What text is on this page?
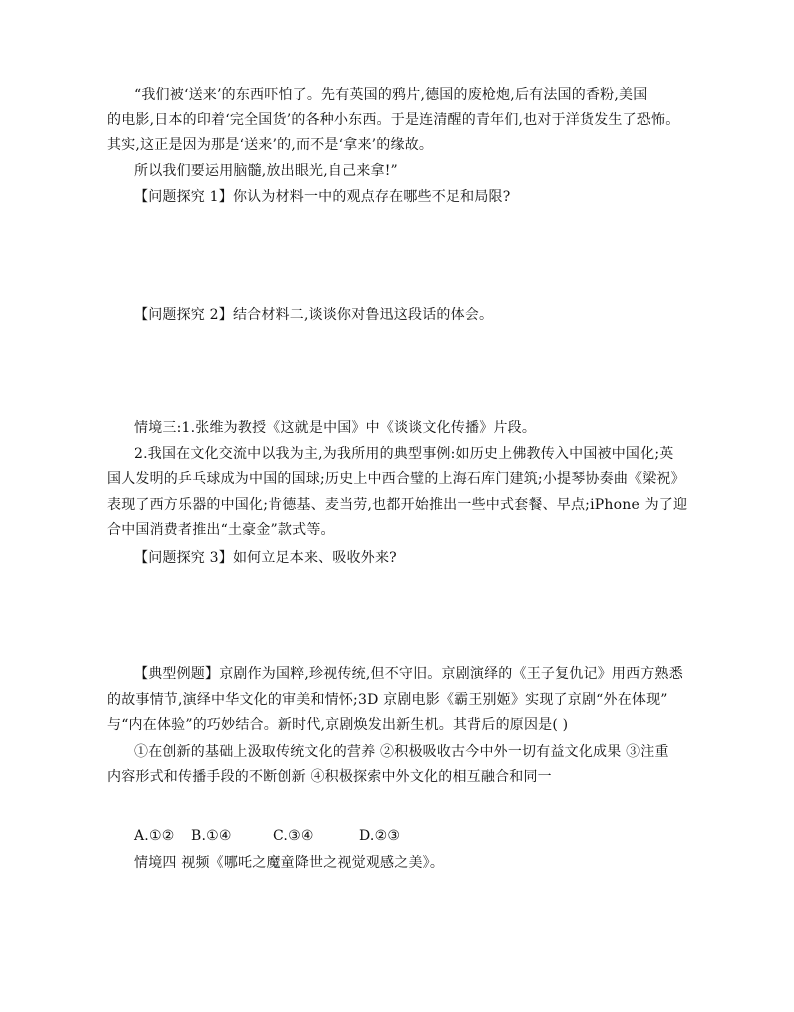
“我们被‘送来’的东西吓怕了。先有英国的鸦片,德国的废枪炮,后有法国的香粉,美国
的电影,日本的印着‘完全国货’的各种小东西。于是连清醒的青年们,也对于洋货发生了恐怖。
其实,这正是因为那是‘送来’的,而不是‘拿来’的缘故。
所以我们要运用脑髓,放出眼光,自己来拿!”
【问题探究 1】你认为材料一中的观点存在哪些不足和局限?
【问题探究 2】结合材料二,谈谈你对鲁迅这段话的体会。
情境三:1.张维为教授《这就是中国》中《谈谈文化传播》片段。
2.我国在文化交流中以我为主,为我所用的典型事例:如历史上佛教传入中国被中国化;英
国人发明的乒乓球成为中国的国球;历史上中西合璧的上海石库门建筑;小提琴协奏曲《梁祝》
表现了西方乐器的中国化;肯德基、麦当劳,也都开始推出一些中式套餐、早点;iPhone 为了迎
合中国消费者推出“土豪金”款式等。
【问题探究 3】如何立足本来、吸收外来?
【典型例题】京剧作为国粹,珍视传统,但不守旧。京剧演绎的《王子复仇记》用西方熟悉
的故事情节,演绎中华文化的审美和情怀;3D 京剧电影《霸王别姬》实现了京剧“外在体现”
与“内在体验”的巧妙结合。新时代,京剧焕发出新生机。其背后的原因是( )
①在创新的基础上汲取传统文化的营养 ②积极吸收古今中外一切有益文化成果 ③注重
内容形式和传播手段的不断创新 ④积极探索中外文化的相互融合和同一
A.①② B.①④	C.③④	D.②③
情境四 视频《哪吒之魔童降世之视觉观感之美》。
